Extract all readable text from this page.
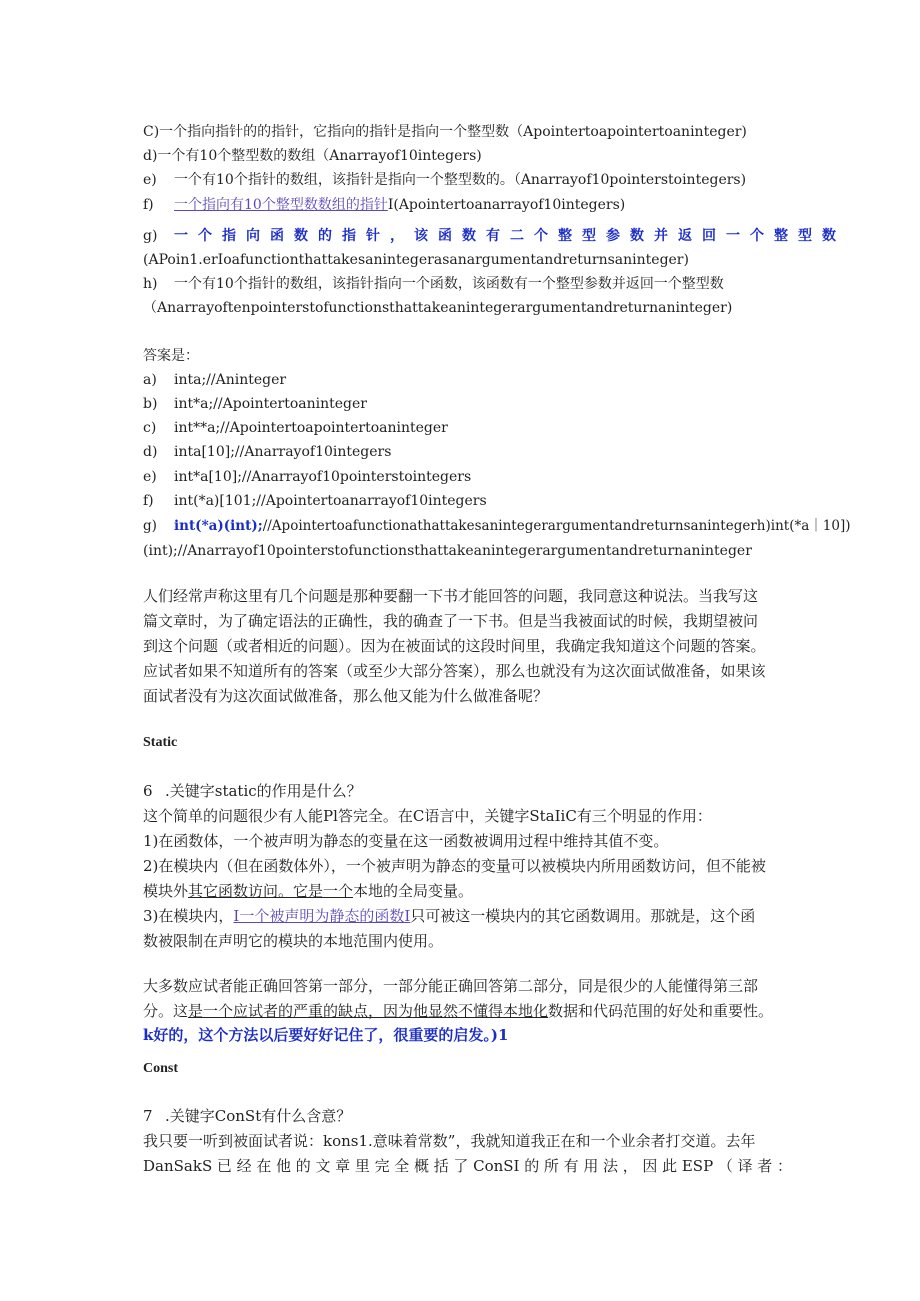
C)一个指向指针的的指针，它指向的指针是指向一个整型数（Apointertoapointertoaninteger)
d)一个有10个整型数的数组（Anarrayof10integers)
e) 一个有10个指针的数组，该指针是指向一个整型数的。（Anarrayof10pointerstointegers)
f) 一个指向有10个整型数数组的指针I(Apointertoanarrayof10integers)
g) 一个指向函数的指针，该函数有二个整型参数并返回一个整型数
(APoin1.erIoafunctionthattakesanintegerasanargumentandreturnsaninteger)
h) 一个有10个指针的数组，该指针指向一个函数，该函数有一个整型参数并返回一个整型数
（Anarrayoftenpointerstofunctionsthattakeanintegerargumentandreturnaninteger)
答案是：
a) inta;//Aninteger
b) int*a;//Apointertoaninteger
c) int**a;//Apointertoapointertoaninteger
d) inta[10];//Anarrayof10integers
e) int*a[10];//Anarrayof10pointerstointegers
f) int(*a)[101;//Apointertoanarrayof10integers
g) int(*a)(int);//Apointertoafunctionathattakesanintegerargumentandreturnsanintegerh)int(*a｜10])
(int);//Anarrayof10pointerstofunctionsthattakeanintegerargumentandreturnaninteger
人们经常声称这里有几个问题是那种要翻一下书才能回答的问题，我同意这种说法。当我写这
篇文章时，为了确定语法的正确性，我的确查了一下书。但是当我被面试的时候，我期望被问
到这个问题（或者相近的问题）。因为在被面试的这段时间里，我确定我知道这个问题的答案。
应试者如果不知道所有的答案（或至少大部分答案），那么也就没有为这次面试做准备，如果该
面试者没有为这次面试做准备，那么他又能为什么做准备呢？
Static
6 .关键字static的作用是什么？
这个简单的问题很少有人能Pl答完全。在C语言中，关键字StaIiC有三个明显的作用：
1)在函数体，一个被声明为静态的变量在这一函数被调用过程中维持其值不变。
2)在模块内（但在函数体外），一个被声明为静态的变量可以被模块内所用函数访问，但不能被
模块外其它函数访问。它是一个本地的全局变量。
3)在模块内，I一个被声明为静态的函数I只可被这一模块内的其它函数调用。那就是，这个函
数被限制在声明它的模块的本地范围内使用。
大多数应试者能正确回答第一部分，一部分能正确回答第二部分，同是很少的人能懂得第三部
分。这是一个应试者的严重的缺点，因为他显然不懂得本地化数据和代码范围的好处和重要性。
k好的，这个方法以后要好好记住了，很重要的启发。)1
Const
7 .关键字ConSt有什么含意？
我只要一听到被面试者说：kons1.意味着常数”，我就知道我正在和一个业余者打交道。去年
DanSakS已经在他的文章里完全概括了ConSI的所有用法，因此ESP（译者：
